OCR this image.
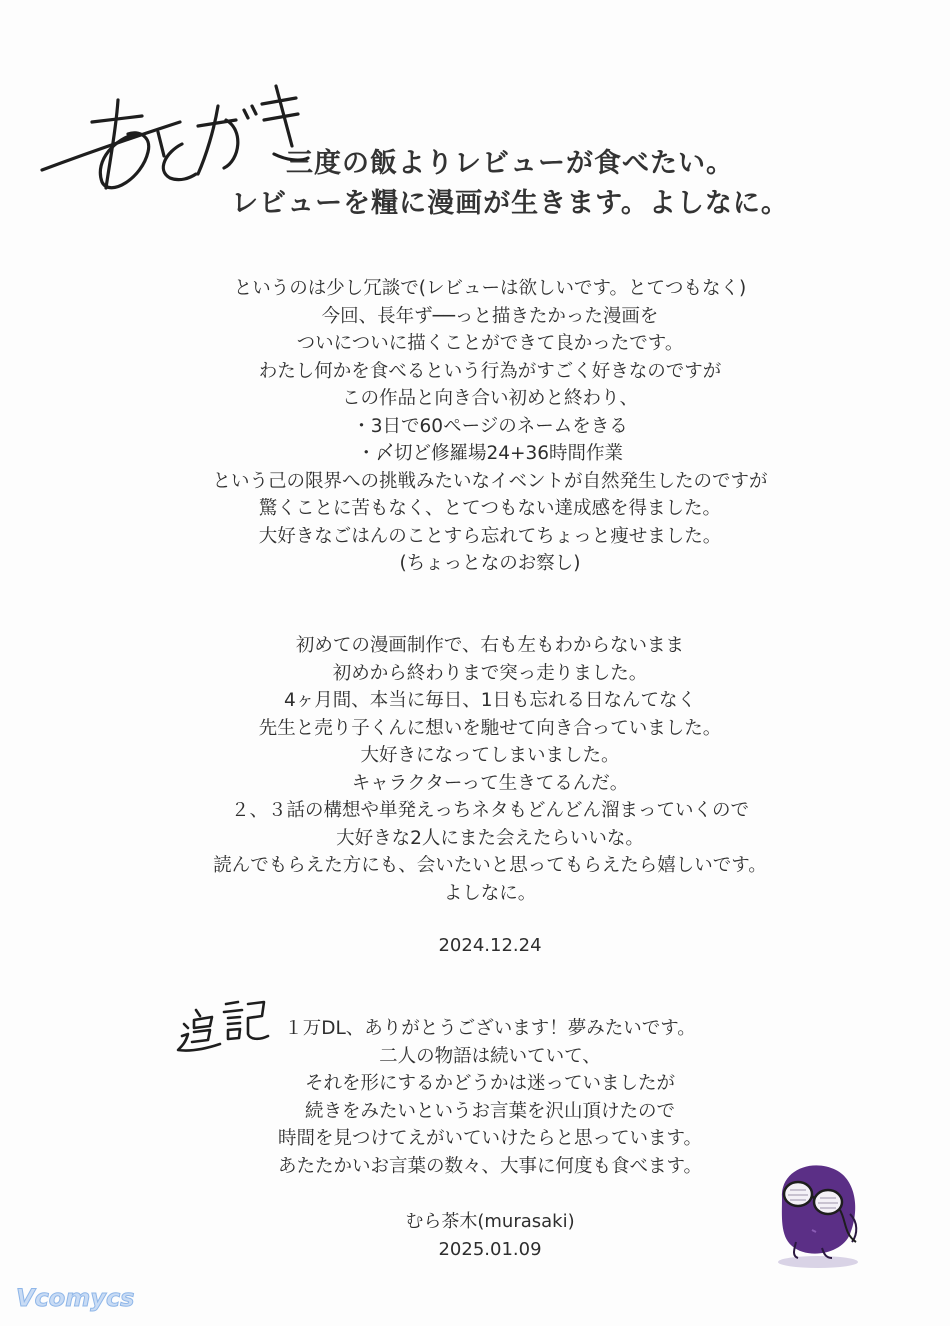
三度の飯よりレビューが食べたい。
レビューを糧に漫画が生きます。よしなに。
というのは少し冗談で(レビューは欲しいです。とてつもなく)
今回、長年ず──っと描きたかった漫画を
ついについに描くことができて良かったです。
わたし何かを食べるという行為がすごく好きなのですが
この作品と向き合い初めと終わり、
・3日で60ページのネームをきる
・〆切ど修羅場24+36時間作業
という己の限界への挑戦みたいなイベントが自然発生したのですが
驚くことに苦もなく、とてつもない達成感を得ました。
大好きなごはんのことすら忘れてちょっと痩せました。
(ちょっとなのお察し)
初めての漫画制作で、右も左もわからないまま
初めから終わりまで突っ走りました。
4ヶ月間、本当に毎日、1日も忘れる日なんてなく
先生と売り子くんに想いを馳せて向き合っていました。
大好きになってしまいました。
キャラクターって生きてるんだ。
２、３話の構想や単発えっちネタもどんどん溜まっていくので
大好きな2人にまた会えたらいいな。
読んでもらえた方にも、会いたいと思ってもらえたら嬉しいです。
よしなに。
2024.12.24
１万DL、ありがとうございます！夢みたいです。
二人の物語は続いていて、
それを形にするかどうかは迷っていましたが
続きをみたいというお言葉を沢山頂けたので
時間を見つけてえがいていけたらと思っています。
あたたかいお言葉の数々、大事に何度も食べます。
むら茶木(murasaki)
2025.01.09
Vcomycs
